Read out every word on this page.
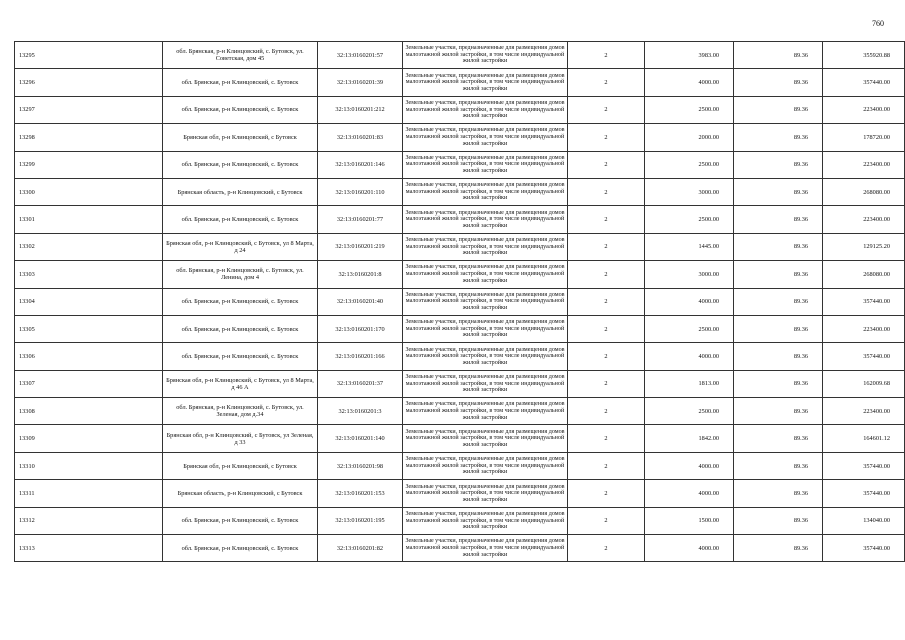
760
13295	обл. Брянская, р-н Клинцовский, с. Бутовск, ул. Советская, дом 45	32:13:0160201:57	Земельные участки, предназначенные для размещения домов малоэтажной жилой застройки, в том числе индивидуальной жилой застройки	2	3983.00	89.36	355920.88
13296	обл. Брянская, р-н Клинцовский, с. Бутовск	32:13:0160201:39	Земельные участки, предназначенные для размещения домов малоэтажной жилой застройки, в том числе индивидуальной жилой застройки	2	4000.00	89.36	357440.00
13297	обл. Брянская, р-н Клинцовский, с. Бутовск	32:13:0160201:212	Земельные участки, предназначенные для размещения домов малоэтажной жилой застройки, в том числе индивидуальной жилой застройки	2	2500.00	89.36	223400.00
13298	Брянская обл, р-н Клинцовский, с Бутовск	32:13:0160201:83	Земельные участки, предназначенные для размещения домов малоэтажной жилой застройки, в том числе индивидуальной жилой застройки	2	2000.00	89.36	178720.00
13299	обл. Брянская, р-н Клинцовский, с. Бутовск	32:13:0160201:146	Земельные участки, предназначенные для размещения домов малоэтажной жилой застройки, в том числе индивидуальной жилой застройки	2	2500.00	89.36	223400.00
13300	Брянская область, р-н Клинцовский, с Бутовск	32:13:0160201:110	Земельные участки, предназначенные для размещения домов малоэтажной жилой застройки, в том числе индивидуальной жилой застройки	2	3000.00	89.36	268080.00
13301	обл. Брянская, р-н Клинцовский, с. Бутовск	32:13:0160201:77	Земельные участки, предназначенные для размещения домов малоэтажной жилой застройки, в том числе индивидуальной жилой застройки	2	2500.00	89.36	223400.00
13302	Брянская обл, р-н Клинцовский, с Бутовск, ул 8 Марта, д 24	32:13:0160201:219	Земельные участки, предназначенные для размещения домов малоэтажной жилой застройки, в том числе индивидуальной жилой застройки	2	1445.00	89.36	129125.20
13303	обл. Брянская, р-н Клинцовский, с. Бутовск, ул. Ленина, дом 4	32:13:0160201:8	Земельные участки, предназначенные для размещения домов малоэтажной жилой застройки, в том числе индивидуальной жилой застройки	2	3000.00	89.36	268080.00
13304	обл. Брянская, р-н Клинцовский, с. Бутовск	32:13:0160201:40	Земельные участки, предназначенные для размещения домов малоэтажной жилой застройки, в том числе индивидуальной жилой застройки	2	4000.00	89.36	357440.00
13305	обл. Брянская, р-н Клинцовский, с. Бутовск	32:13:0160201:170	Земельные участки, предназначенные для размещения домов малоэтажной жилой застройки, в том числе индивидуальной жилой застройки	2	2500.00	89.36	223400.00
13306	обл. Брянская, р-н Клинцовский, с. Бутовск	32:13:0160201:166	Земельные участки, предназначенные для размещения домов малоэтажной жилой застройки, в том числе индивидуальной жилой застройки	2	4000.00	89.36	357440.00
13307	Брянская обл, р-н Клинцовский, с Бутовск, ул 8 Марта, д 46 А	32:13:0160201:37	Земельные участки, предназначенные для размещения домов малоэтажной жилой застройки, в том числе индивидуальной жилой застройки	2	1813.00	89.36	162009.68
13308	обл. Брянская, р-н Клинцовский, с. Бутовск, ул. Зеленая, дом д.34	32:13:0160201:3	Земельные участки, предназначенные для размещения домов малоэтажной жилой застройки, в том числе индивидуальной жилой застройки	2	2500.00	89.36	223400.00
13309	Брянская обл, р-н Клинцовский, с Бутовск, ул Зеленая, д 33	32:13:0160201:140	Земельные участки, предназначенные для размещения домов малоэтажной жилой застройки, в том числе индивидуальной жилой застройки	2	1842.00	89.36	164601.12
13310	Брянская обл, р-н Клинцовский, с Бутовск	32:13:0160201:98	Земельные участки, предназначенные для размещения домов малоэтажной жилой застройки, в том числе индивидуальной жилой застройки	2	4000.00	89.36	357440.00
13311	Брянская область, р-н Клинцовский, с Бутовск	32:13:0160201:153	Земельные участки, предназначенные для размещения домов малоэтажной жилой застройки, в том числе индивидуальной жилой застройки	2	4000.00	89.36	357440.00
13312	обл. Брянская, р-н Клинцовский, с. Бутовск	32:13:0160201:195	Земельные участки, предназначенные для размещения домов малоэтажной жилой застройки, в том числе индивидуальной жилой застройки	2	1500.00	89.36	134040.00
13313	обл. Брянская, р-н Клинцовский, с. Бутовск	32:13:0160201:82	Земельные участки, предназначенные для размещения домов малоэтажной жилой застройки, в том числе индивидуальной жилой застройки	2	4000.00	89.36	357440.00
